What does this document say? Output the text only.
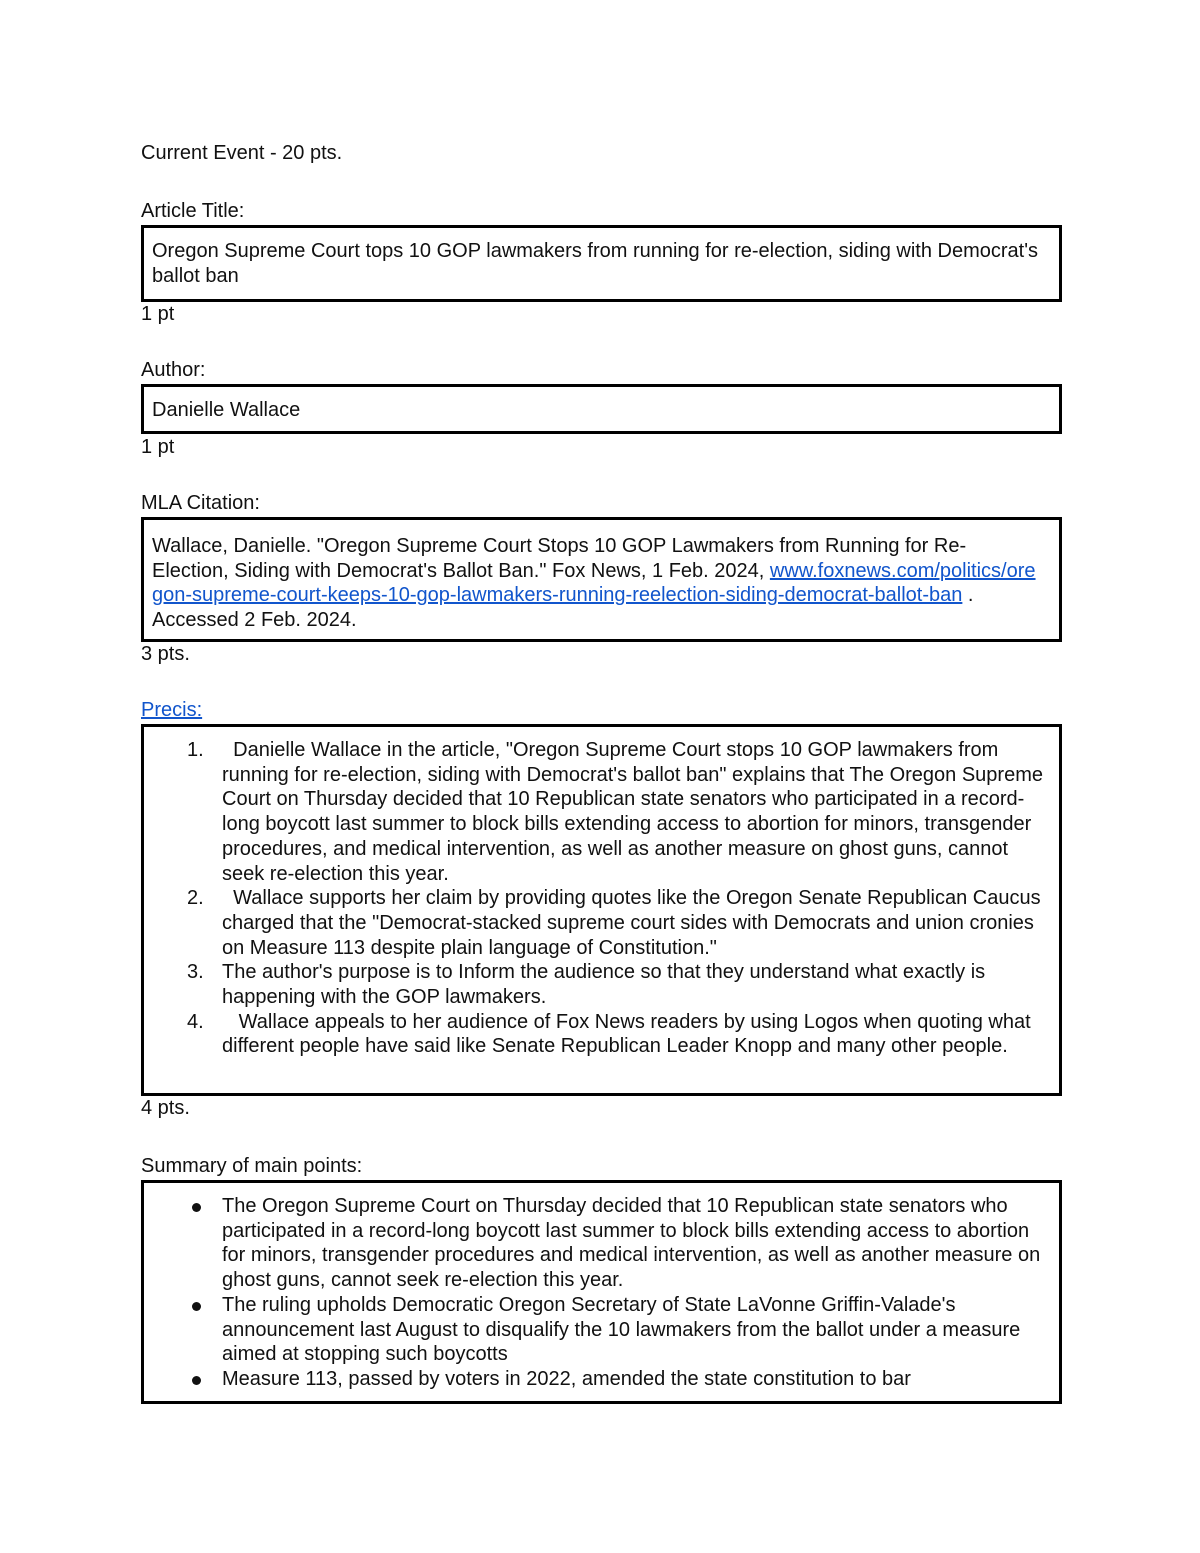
Current Event - 20 pts.
Article Title:
Oregon Supreme Court tops 10 GOP lawmakers from running for re-election, siding with Democrat's ballot ban
1 pt
Author:
Danielle Wallace
1 pt
MLA Citation:
Wallace, Danielle. "Oregon Supreme Court Stops 10 GOP Lawmakers from Running for Re-Election, Siding with Democrat's Ballot Ban." Fox News, 1 Feb. 2024, www.foxnews.com/politics/oregon-supreme-court-keeps-10-gop-lawmakers-running-reelection-siding-democrat-ballot-ban . Accessed 2 Feb. 2024.
3 pts.
Precis:
1. Danielle Wallace in the article, "Oregon Supreme Court stops 10 GOP lawmakers from running for re-election, siding with Democrat's ballot ban" explains that The Oregon Supreme Court on Thursday decided that 10 Republican state senators who participated in a record-long boycott last summer to block bills extending access to abortion for minors, transgender procedures, and medical intervention, as well as another measure on ghost guns, cannot seek re-election this year.
2. Wallace supports her claim by providing quotes like the Oregon Senate Republican Caucus charged that the "Democrat-stacked supreme court sides with Democrats and union cronies on Measure 113 despite plain language of Constitution."
3. The author's purpose is to Inform the audience so that they understand what exactly is happening with the GOP lawmakers.
4. Wallace appeals to her audience of Fox News readers by using Logos when quoting what different people have said like Senate Republican Leader Knopp and many other people.
4 pts.
Summary of main points:
The Oregon Supreme Court on Thursday decided that 10 Republican state senators who participated in a record-long boycott last summer to block bills extending access to abortion for minors, transgender procedures and medical intervention, as well as another measure on ghost guns, cannot seek re-election this year.
The ruling upholds Democratic Oregon Secretary of State LaVonne Griffin-Valade's announcement last August to disqualify the 10 lawmakers from the ballot under a measure aimed at stopping such boycotts
Measure 113, passed by voters in 2022, amended the state constitution to bar
